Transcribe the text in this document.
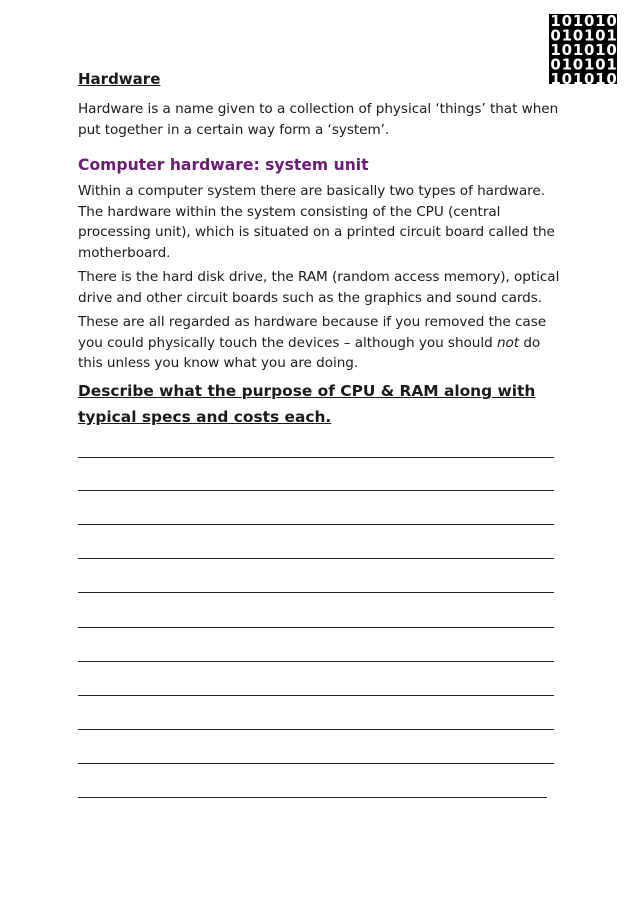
1 0 1 0 1 0
0 1 0 1 0 1
1 0 1 0 1 0
0 1 0 1 0 1
1 0 1 0 1 0
Hardware

Hardware is a name given to a collection of physical ‘things’ that when put together in a certain way form a ‘system’.

Computer hardware: system unit

Within a computer system there are basically two types of hardware. The hardware within the system consisting of the CPU (central processing unit), which is situated on a printed circuit board called the motherboard.

There is the hard disk drive, the RAM (random access memory), optical drive and other circuit boards such as the graphics and sound cards.

These are all regarded as hardware because if you removed the case you could physically touch the devices – although you should not do this unless you know what you are doing.

Describe what the purpose of CPU & RAM along with typical specs and costs each.
